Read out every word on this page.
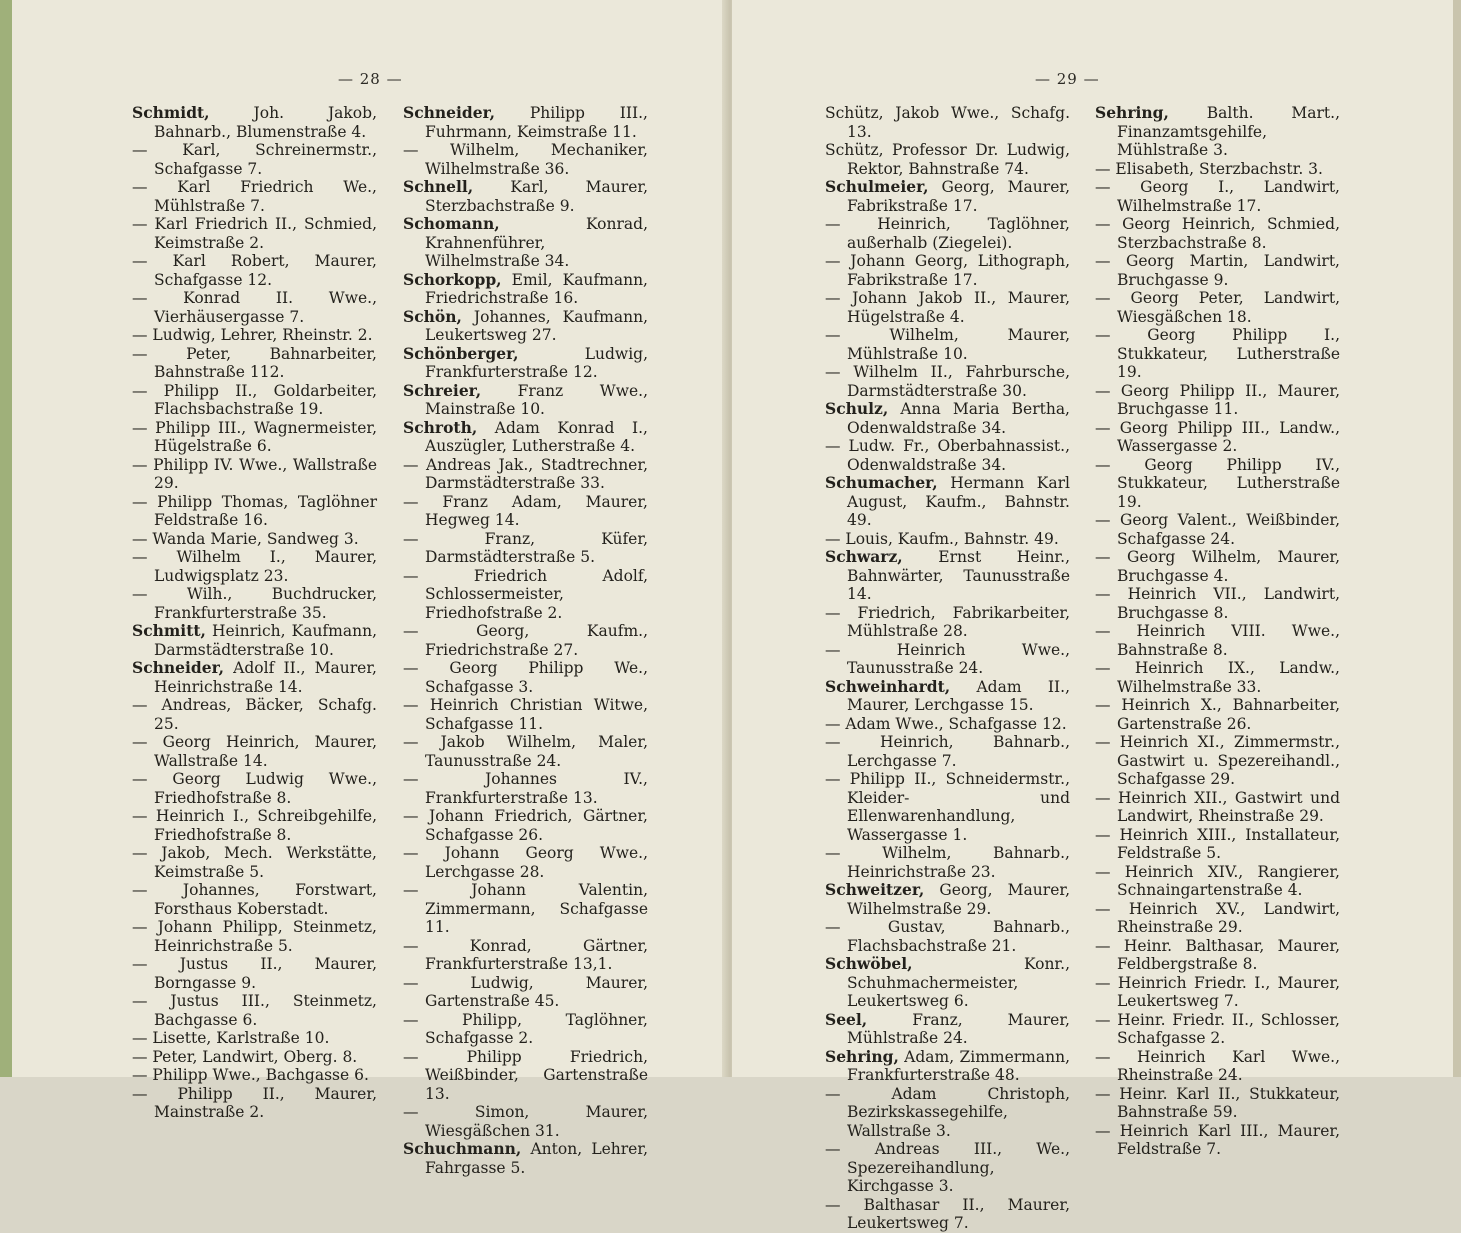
— 28 —	— 29 —

Schmidt, Joh. Jakob, Bahnarb., Blumenstraße 4.

— Karl, Schreinermstr., Schafgasse 7.

— Karl Friedrich We., Mühlstraße 7.

— Karl Friedrich II., Schmied, Keimstraße 2.

— Karl Robert, Maurer, Schafgasse 12.

— Konrad II. Wwe., Vierhäusergasse 7.

— Ludwig, Lehrer, Rheinstr. 2.

— Peter, Bahnarbeiter, Bahnstraße 112.

— Philipp II., Goldarbeiter, Flachsbachstraße 19.

— Philipp III., Wagnermeister, Hügelstraße 6.

— Philipp IV. Wwe., Wallstraße 29.

— Philipp Thomas, Taglöhner Feldstraße 16.

— Wanda Marie, Sandweg 3.

— Wilhelm I., Maurer, Ludwigsplatz 23.

— Wilh., Buchdrucker, Frankfurterstraße 35.

Schmitt, Heinrich, Kaufmann, Darmstädterstraße 10.

Schneider, Adolf II., Maurer, Heinrichstraße 14.

— Andreas, Bäcker, Schafg. 25.

— Georg Heinrich, Maurer, Wallstraße 14.

— Georg Ludwig Wwe., Friedhofstraße 8.

— Heinrich I., Schreibgehilfe, Friedhofstraße 8.

— Jakob, Mech. Werkstätte, Keimstraße 5.

— Johannes, Forstwart, Forsthaus Koberstadt.

— Johann Philipp, Steinmetz, Heinrichstraße 5.

— Justus II., Maurer, Borngasse 9.

— Justus III., Steinmetz, Bachgasse 6.

— Lisette, Karlstraße 10.

— Peter, Landwirt, Oberg. 8.

— Philipp Wwe., Bachgasse 6.

— Philipp II., Maurer, Mainstraße 2.

Schneider, Philipp III., Fuhrmann, Keimstraße 11.

— Wilhelm, Mechaniker, Wilhelmstraße 36.

Schnell, Karl, Maurer, Sterzbachstraße 9.

Schomann, Konrad, Krahnenführer, Wilhelmstraße 34.

Schorkopp, Emil, Kaufmann, Friedrichstraße 16.

Schön, Johannes, Kaufmann, Leukertsweg 27.

Schönberger, Ludwig, Frankfurterstraße 12.

Schreier, Franz Wwe., Mainstraße 10.

Schroth, Adam Konrad I., Auszügler, Lutherstraße 4.

— Andreas Jak., Stadtrechner, Darmstädterstraße 33.

— Franz Adam, Maurer, Hegweg 14.

— Franz, Küfer, Darmstädterstraße 5.

— Friedrich Adolf, Schlossermeister, Friedhofstraße 2.

— Georg, Kaufm., Friedrichstraße 27.

— Georg Philipp We., Schafgasse 3.

— Heinrich Christian Witwe, Schafgasse 11.

— Jakob Wilhelm, Maler, Taunusstraße 24.

— Johannes IV., Frankfurterstraße 13.

— Johann Friedrich, Gärtner, Schafgasse 26.

— Johann Georg Wwe., Lerchgasse 28.

— Johann Valentin, Zimmermann, Schafgasse 11.

— Konrad, Gärtner, Frankfurterstraße 13,1.

— Ludwig, Maurer, Gartenstraße 45.

— Philipp, Taglöhner, Schafgasse 2.

— Philipp Friedrich, Weißbinder, Gartenstraße 13.

— Simon, Maurer, Wiesgäßchen 31.

Schuchmann, Anton, Lehrer, Fahrgasse 5.

Schütz, Jakob Wwe., Schafg. 13.

Schütz, Professor Dr. Ludwig, Rektor, Bahnstraße 74.

Schulmeier, Georg, Maurer, Fabrikstraße 17.

— Heinrich, Taglöhner, außerhalb (Ziegelei).

— Johann Georg, Lithograph, Fabrikstraße 17.

— Johann Jakob II., Maurer, Hügelstraße 4.

— Wilhelm, Maurer, Mühlstraße 10.

— Wilhelm II., Fahrbursche, Darmstädterstraße 30.

Schulz, Anna Maria Bertha, Odenwaldstraße 34.

— Ludw. Fr., Oberbahnassist., Odenwaldstraße 34.

Schumacher, Hermann Karl August, Kaufm., Bahnstr. 49.

— Louis, Kaufm., Bahnstr. 49.

Schwarz, Ernst Heinr., Bahnwärter, Taunusstraße 14.

— Friedrich, Fabrikarbeiter, Mühlstraße 28.

— Heinrich Wwe., Taunusstraße 24.

Schweinhardt, Adam II., Maurer, Lerchgasse 15.

— Adam Wwe., Schafgasse 12.

— Heinrich, Bahnarb., Lerchgasse 7.

— Philipp II., Schneidermstr., Kleider- und Ellenwarenhandlung, Wassergasse 1.

— Wilhelm, Bahnarb., Heinrichstraße 23.

Schweitzer, Georg, Maurer, Wilhelmstraße 29.

— Gustav, Bahnarb., Flachsbachstraße 21.

Schwöbel, Konr., Schuhmachermeister, Leukertsweg 6.

Seel, Franz, Maurer, Mühlstraße 24.

Sehring, Adam, Zimmermann, Frankfurterstraße 48.

— Adam Christoph, Bezirkskassegehilfe, Wallstraße 3.

— Andreas III., We., Spezereihandlung, Kirchgasse 3.

— Balthasar II., Maurer, Leukertsweg 7.

Sehring, Balth. Mart., Finanzamtsgehilfe, Mühlstraße 3.

— Elisabeth, Sterzbachstr. 3.

— Georg I., Landwirt, Wilhelmstraße 17.

— Georg Heinrich, Schmied, Sterzbachstraße 8.

— Georg Martin, Landwirt, Bruchgasse 9.

— Georg Peter, Landwirt, Wiesgäßchen 18.

— Georg Philipp I., Stukkateur, Lutherstraße 19.

— Georg Philipp II., Maurer, Bruchgasse 11.

— Georg Philipp III., Landw., Wassergasse 2.

— Georg Philipp IV., Stukkateur, Lutherstraße 19.

— Georg Valent., Weißbinder, Schafgasse 24.

— Georg Wilhelm, Maurer, Bruchgasse 4.

— Heinrich VII., Landwirt, Bruchgasse 8.

— Heinrich VIII. Wwe., Bahnstraße 8.

— Heinrich IX., Landw., Wilhelmstraße 33.

— Heinrich X., Bahnarbeiter, Gartenstraße 26.

— Heinrich XI., Zimmermstr., Gastwirt u. Spezereihandl., Schafgasse 29.

— Heinrich XII., Gastwirt und Landwirt, Rheinstraße 29.

— Heinrich XIII., Installateur, Feldstraße 5.

— Heinrich XIV., Rangierer, Schnaingartenstraße 4.

— Heinrich XV., Landwirt, Rheinstraße 29.

— Heinr. Balthasar, Maurer, Feldbergstraße 8.

— Heinrich Friedr. I., Maurer, Leukertsweg 7.

— Heinr. Friedr. II., Schlosser, Schafgasse 2.

— Heinrich Karl Wwe., Rheinstraße 24.

— Heinr. Karl II., Stukkateur, Bahnstraße 59.

— Heinrich Karl III., Maurer, Feldstraße 7.
